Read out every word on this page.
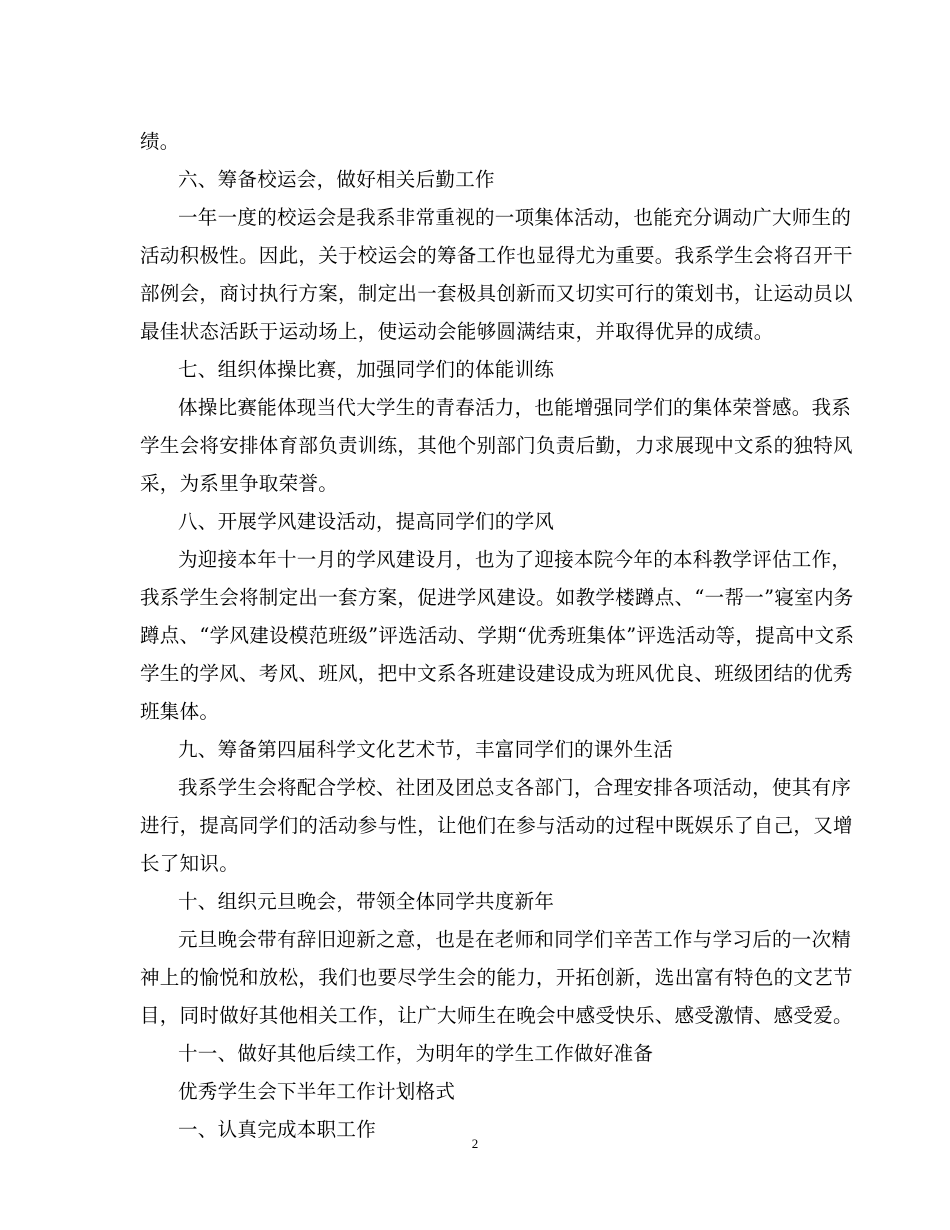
绩。
六、筹备校运会，做好相关后勤工作
一年一度的校运会是我系非常重视的一项集体活动，也能充分调动广大师生的
活动积极性。因此，关于校运会的筹备工作也显得尤为重要。我系学生会将召开干
部例会，商讨执行方案，制定出一套极具创新而又切实可行的策划书，让运动员以
最佳状态活跃于运动场上，使运动会能够圆满结束，并取得优异的成绩。
七、组织体操比赛，加强同学们的体能训练
体操比赛能体现当代大学生的青春活力，也能增强同学们的集体荣誉感。我系
学生会将安排体育部负责训练，其他个别部门负责后勤，力求展现中文系的独特风
采，为系里争取荣誉。
八、开展学风建设活动，提高同学们的学风
为迎接本年十一月的学风建设月，也为了迎接本院今年的本科教学评估工作，
我系学生会将制定出一套方案，促进学风建设。如教学楼蹲点、“一帮一”寝室内务
蹲点、“学风建设模范班级”评选活动、学期“优秀班集体”评选活动等，提高中文系
学生的学风、考风、班风，把中文系各班建设建设成为班风优良、班级团结的优秀
班集体。
九、筹备第四届科学文化艺术节，丰富同学们的课外生活
我系学生会将配合学校、社团及团总支各部门，合理安排各项活动，使其有序
进行，提高同学们的活动参与性，让他们在参与活动的过程中既娱乐了自己，又增
长了知识。
十、组织元旦晚会，带领全体同学共度新年
元旦晚会带有辞旧迎新之意，也是在老师和同学们辛苦工作与学习后的一次精
神上的愉悦和放松，我们也要尽学生会的能力，开拓创新，选出富有特色的文艺节
目，同时做好其他相关工作，让广大师生在晚会中感受快乐、感受激情、感受爱。
十一、做好其他后续工作，为明年的学生工作做好准备
优秀学生会下半年工作计划格式
一、认真完成本职工作
2
